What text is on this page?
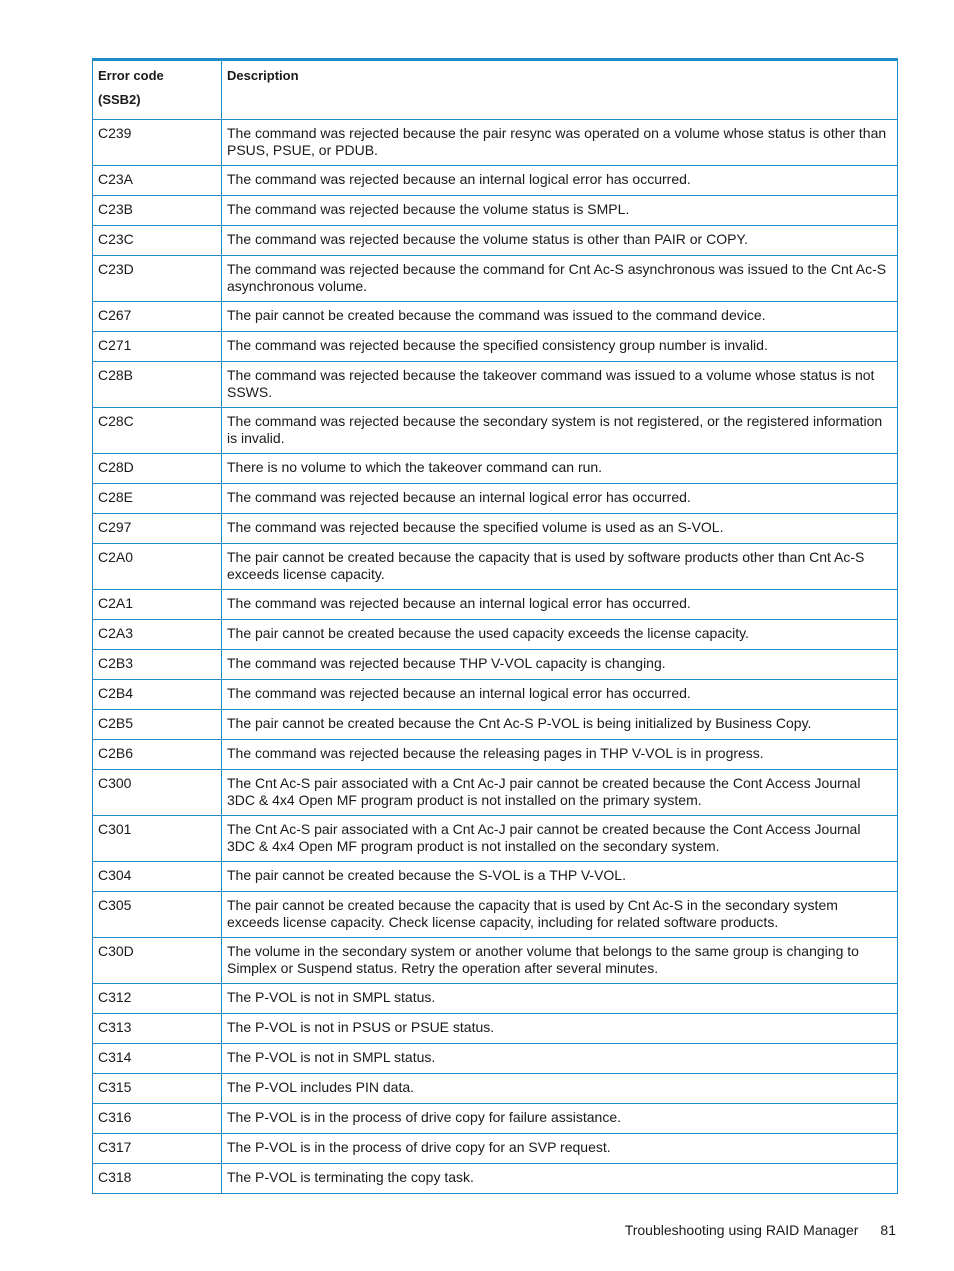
Error code
(SSB2)	Description
C239	The command was rejected because the pair resync was operated on a volume whose status is other than PSUS, PSUE, or PDUB.
C23A	The command was rejected because an internal logical error has occurred.
C23B	The command was rejected because the volume status is SMPL.
C23C	The command was rejected because the volume status is other than PAIR or COPY.
C23D	The command was rejected because the command for Cnt Ac-S asynchronous was issued to the Cnt Ac-S asynchronous volume.
C267	The pair cannot be created because the command was issued to the command device.
C271	The command was rejected because the specified consistency group number is invalid.
C28B	The command was rejected because the takeover command was issued to a volume whose status is not SSWS.
C28C	The command was rejected because the secondary system is not registered, or the registered information is invalid.
C28D	There is no volume to which the takeover command can run.
C28E	The command was rejected because an internal logical error has occurred.
C297	The command was rejected because the specified volume is used as an S-VOL.
C2A0	The pair cannot be created because the capacity that is used by software products other than Cnt Ac-S exceeds license capacity.
C2A1	The command was rejected because an internal logical error has occurred.
C2A3	The pair cannot be created because the used capacity exceeds the license capacity.
C2B3	The command was rejected because THP V-VOL capacity is changing.
C2B4	The command was rejected because an internal logical error has occurred.
C2B5	The pair cannot be created because the Cnt Ac-S P-VOL is being initialized by Business Copy.
C2B6	The command was rejected because the releasing pages in THP V-VOL is in progress.
C300	The Cnt Ac-S pair associated with a Cnt Ac-J pair cannot be created because the Cont Access Journal 3DC & 4x4 Open MF program product is not installed on the primary system.
C301	The Cnt Ac-S pair associated with a Cnt Ac-J pair cannot be created because the Cont Access Journal 3DC & 4x4 Open MF program product is not installed on the secondary system.
C304	The pair cannot be created because the S-VOL is a THP V-VOL.
C305	The pair cannot be created because the capacity that is used by Cnt Ac-S in the secondary system exceeds license capacity. Check license capacity, including for related software products.
C30D	The volume in the secondary system or another volume that belongs to the same group is changing to Simplex or Suspend status. Retry the operation after several minutes.
C312	The P-VOL is not in SMPL status.
C313	The P-VOL is not in PSUS or PSUE status.
C314	The P-VOL is not in SMPL status.
C315	The P-VOL includes PIN data.
C316	The P-VOL is in the process of drive copy for failure assistance.
C317	The P-VOL is in the process of drive copy for an SVP request.
C318	The P-VOL is terminating the copy task.
Troubleshooting using RAID Manager 81
